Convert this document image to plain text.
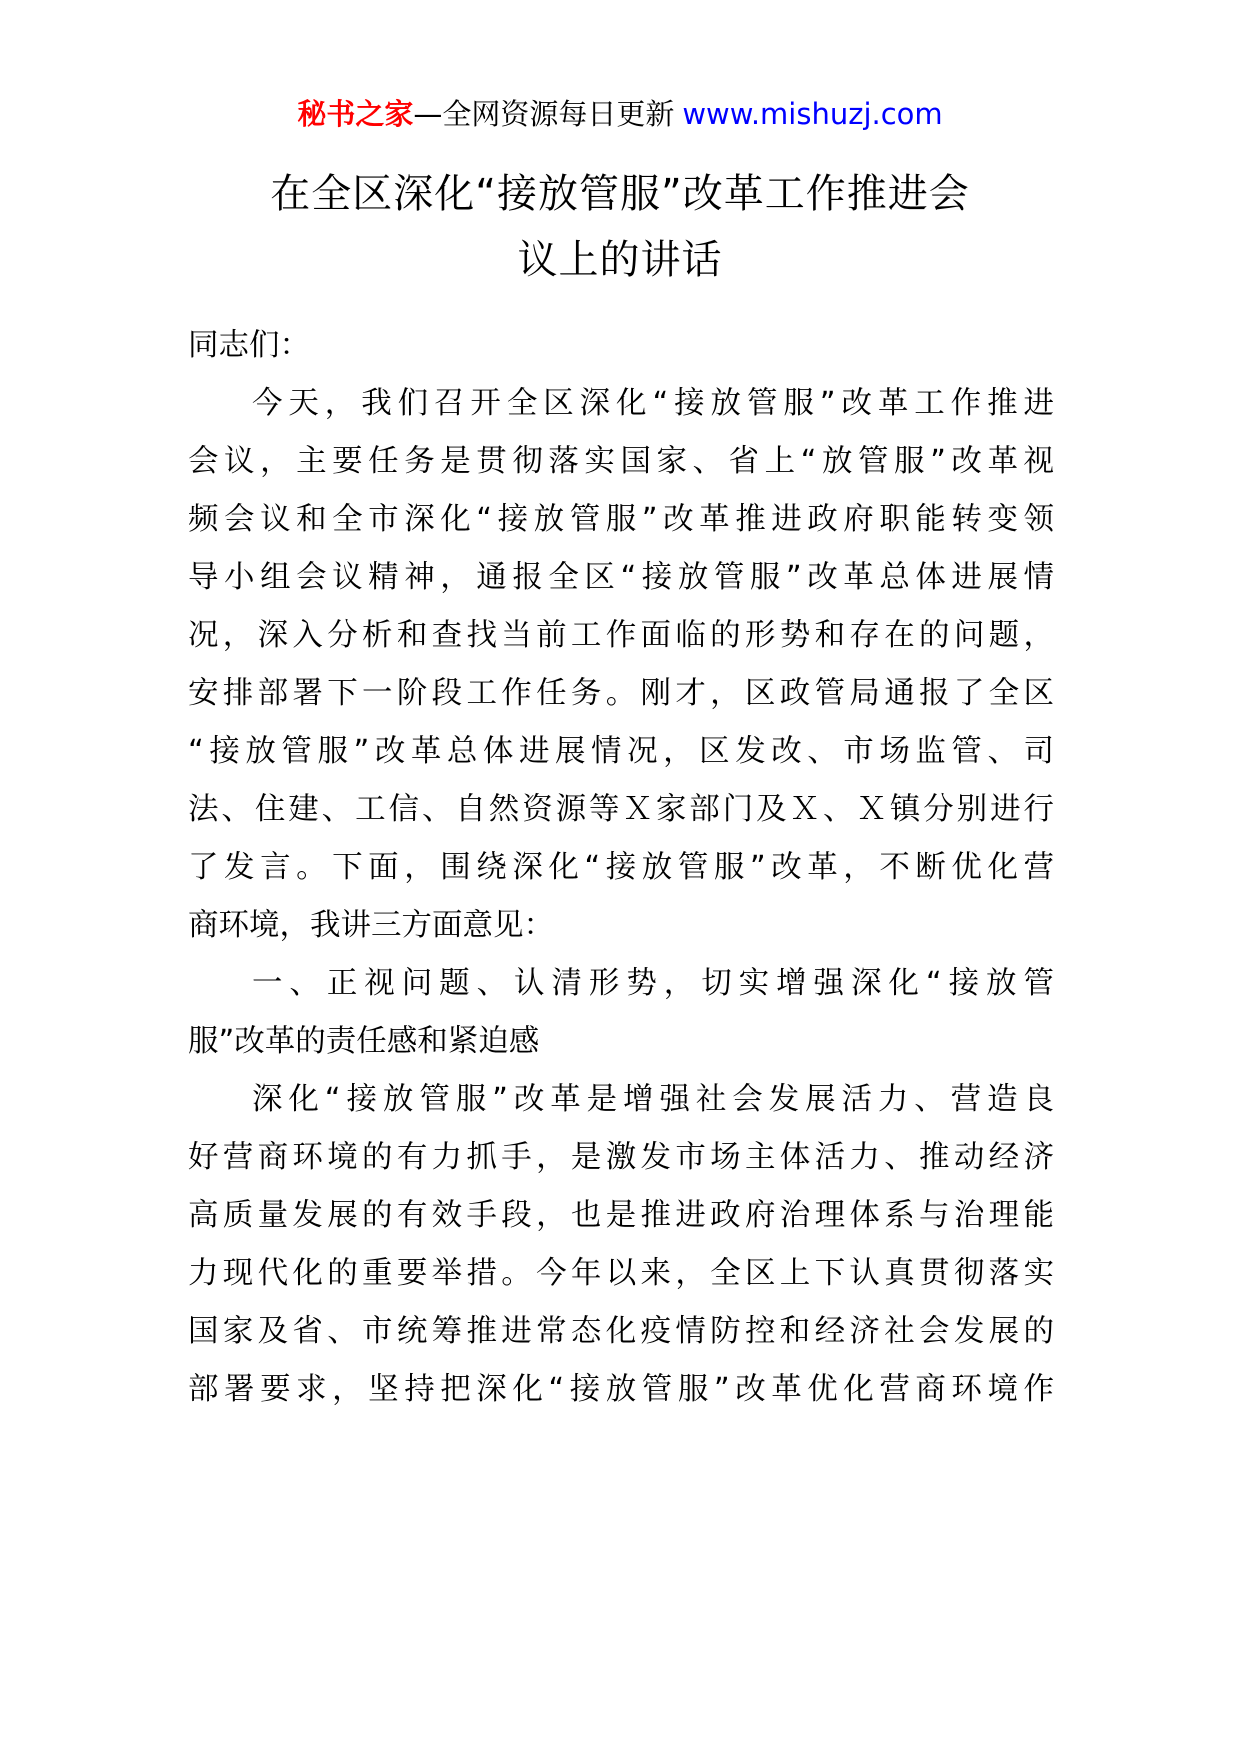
秘书之家—全网资源每日更新 www.mishuzj.com
在全区深化“接放管服”改革工作推进会
议上的讲话
同志们：
今天，我们召开全区深化“接放管服”改革工作推进
会议，主要任务是贯彻落实国家、省上“放管服”改革视
频会议和全市深化“接放管服”改革推进政府职能转变领
导小组会议精神，通报全区“接放管服”改革总体进展情
况，深入分析和查找当前工作面临的形势和存在的问题，
安排部署下一阶段工作任务。刚才，区政管局通报了全区
“接放管服”改革总体进展情况，区发改、市场监管、司
法、住建、工信、自然资源等Ｘ家部门及Ｘ、Ｘ镇分别进行
了发言。下面，围绕深化“接放管服”改革，不断优化营
商环境，我讲三方面意见：
一、正视问题、认清形势，切实增强深化“接放管
服”改革的责任感和紧迫感
深化“接放管服”改革是增强社会发展活力、营造良
好营商环境的有力抓手，是激发市场主体活力、推动经济
高质量发展的有效手段，也是推进政府治理体系与治理能
力现代化的重要举措。今年以来，全区上下认真贯彻落实
国家及省、市统筹推进常态化疫情防控和经济社会发展的
部署要求，坚持把深化“接放管服”改革优化营商环境作
